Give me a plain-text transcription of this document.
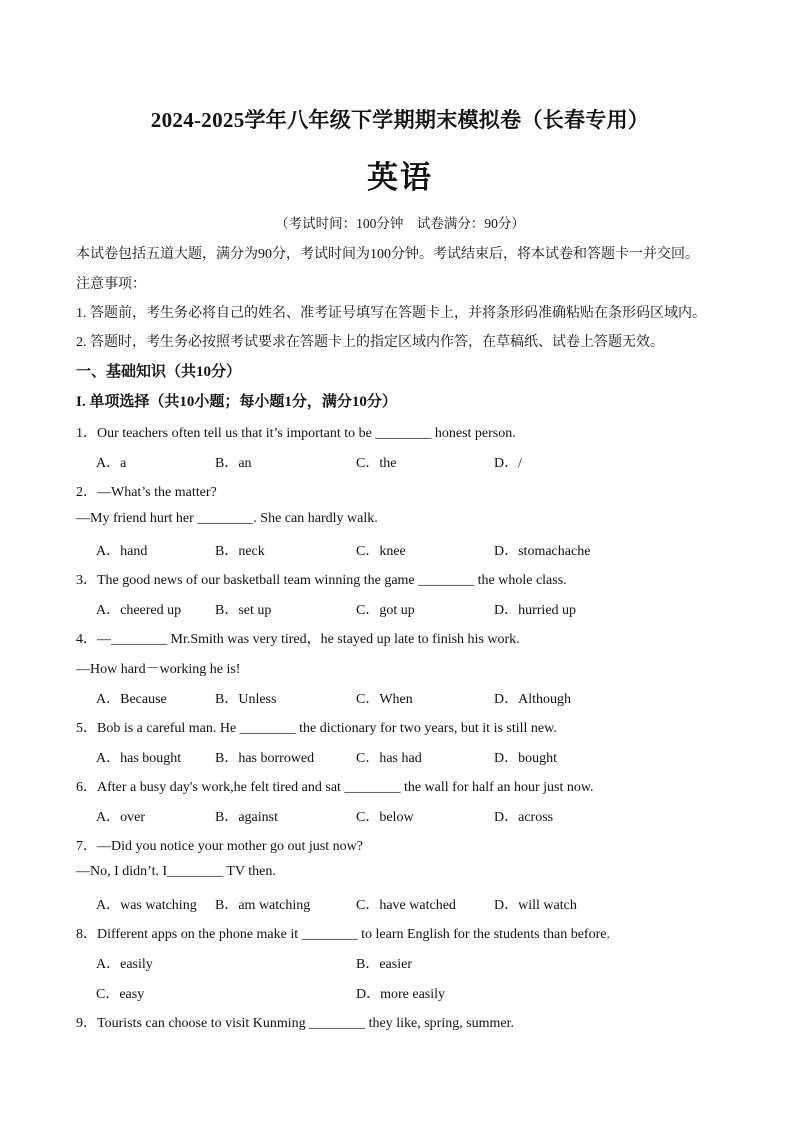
2024-2025学年八年级下学期期末模拟卷（长春专用）
英语
（考试时间：100分钟　试卷满分：90分）
本试卷包括五道大题，满分为90分，考试时间为100分钟。考试结束后，将本试卷和答题卡一并交回。
注意事项：
1. 答题前，考生务必将自己的姓名、准考证号填写在答题卡上，并将条形码准确粘贴在条形码区域内。
2. 答题时，考生务必按照考试要求在答题卡上的指定区域内作答，在草稿纸、试卷上答题无效。
一、基础知识（共10分）
I. 单项选择（共10小题；每小题1分，满分10分）
1．Our teachers often tell us that it’s important to be ________ honest person.
A．a	B．an	C．the	D．/
2．—What’s the matter?
—My friend hurt her ________. She can hardly walk.
A．hand	B．neck	C．knee	D．stomachache
3．The good news of our basketball team winning the game ________ the whole class.
A．cheered up B．set up	C．got up	D．hurried up
4．—________ Mr.Smith was very tired，he stayed up late to finish his work.
—How hard－working he is!
A．Because	B．Unless	C．When	D．Although
5．Bob is a careful man. He ________ the dictionary for two years, but it is still new.
A．has bought B．has borrowed	C．has had	D．bought
6．After a busy day's work,he felt tired and sat ________ the wall for half an hour just now.
A．over	B．against	C．below	D．across
7．—Did you notice your mother go out just now?
—No, I didn’t. I________ TV then.
A．was watching B．am watching	C．have watched	D．will watch
8．Different apps on the phone make it ________ to learn English for the students than before.
A．easily	B．easier
C．easy	D．more easily
9．Tourists can choose to visit Kunming ________ they like, spring, summer.
